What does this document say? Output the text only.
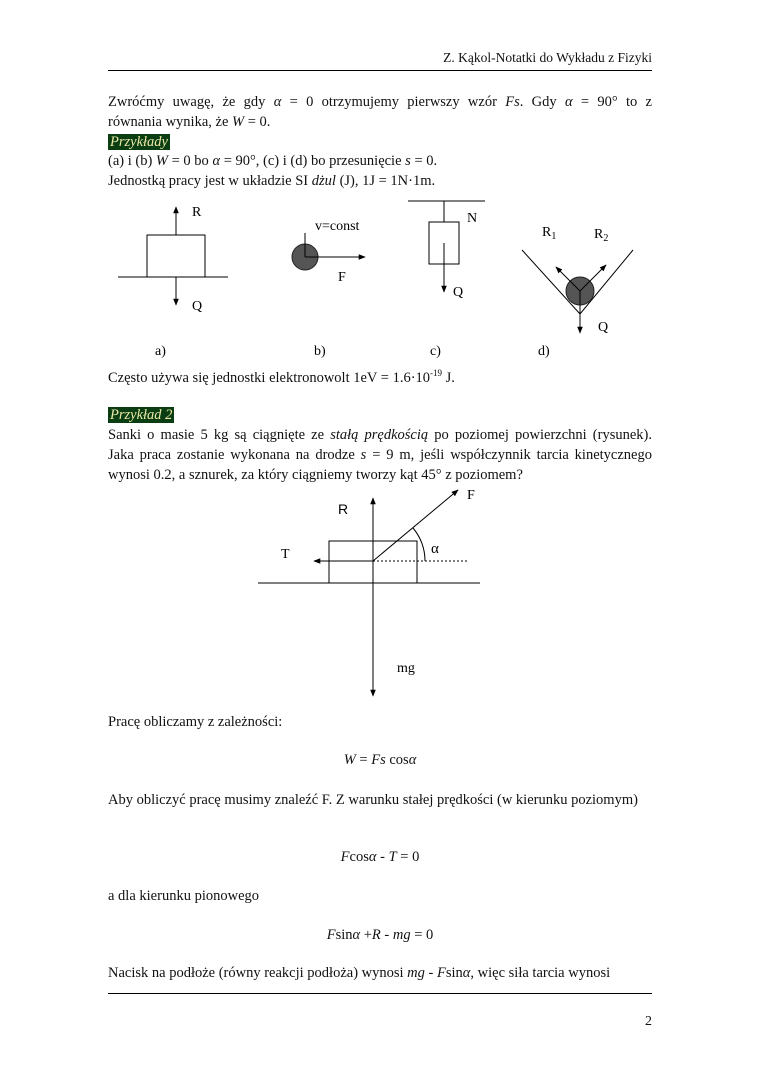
Z. Kąkol-Notatki do Wykładu z Fizyki
Zwróćmy uwagę, że gdy α = 0 otrzymujemy pierwszy wzór Fs. Gdy α = 90° to z
równania wynika, że W = 0.
Przykłady
(a) i (b) W = 0 bo α = 90°, (c) i (d) bo przesunięcie s = 0.
Jednostką pracy jest w układzie SI dżul (J), 1J = 1N·1m.
R
Q
a)
v=const
F
b)
N
Q
c)
$R_1$	$R_2$
Q
d)
Często używa się jednostki elektronowolt $1eV = 1.6\cdot 10^{-19}$ J.
Przykład 2
Sanki o masie 5 kg są ciągnięte ze stałą prędkością po poziomej powierzchni (rysunek).
Jaka praca zostanie wykonana na drodze s = 9 m, jeśli współczynnik tarcia kinetycznego
wynosi 0.2, a sznurek, za który ciągniemy tworzy kąt 45° z poziomem?
R
F
T	α
mg
Pracę obliczamy z zależności:
W = Fs cosα
Aby obliczyć pracę musimy znaleźć F. Z warunku stałej prędkości (w kierunku poziomym)
Fcosα - T = 0
a dla kierunku pionowego
Fsinα +R - mg = 0
Nacisk na podłoże (równy reakcji podłoża) wynosi mg - Fsinα, więc siła tarcia wynosi
2
